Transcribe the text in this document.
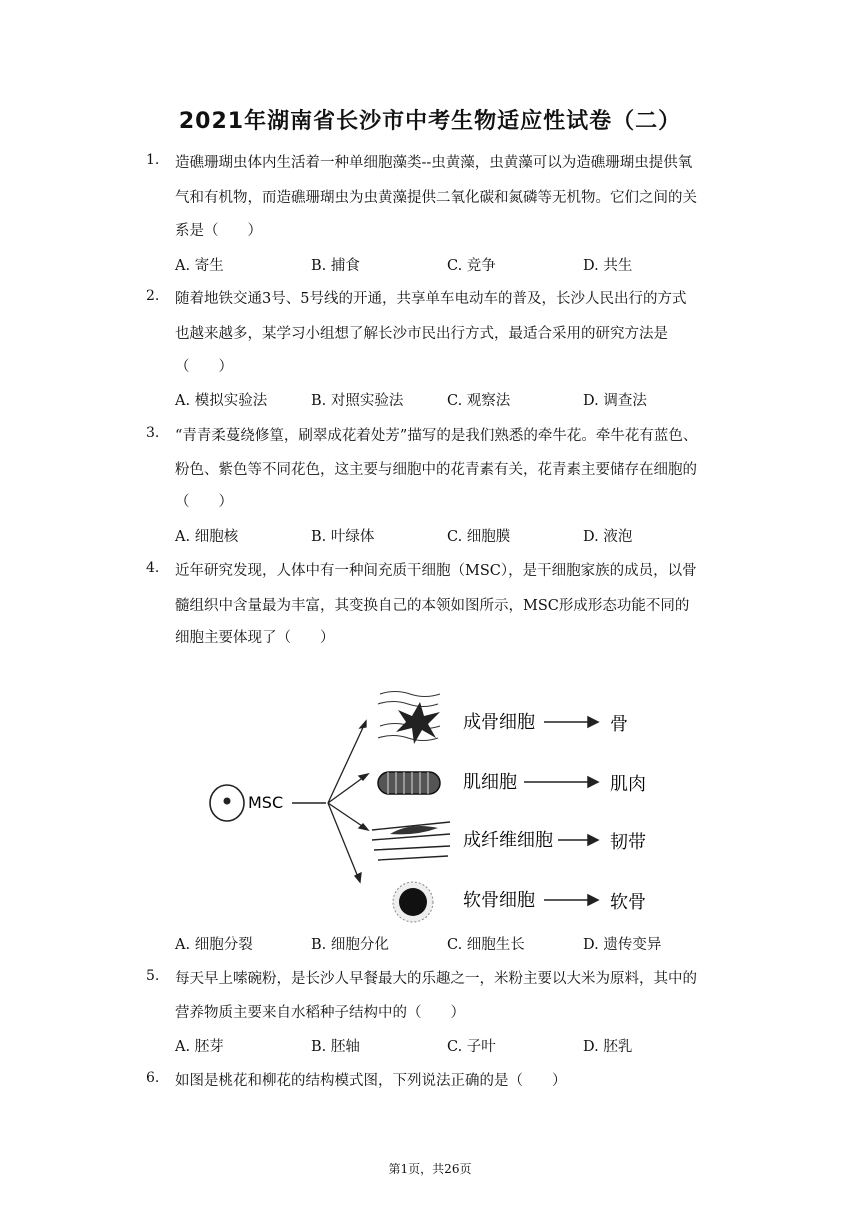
2021年湖南省长沙市中考生物适应性试卷（二）
1. 造礁珊瑚虫体内生活着一种单细胞藻类--虫黄藻，虫黄藻可以为造礁珊瑚虫提供氧
气和有机物，而造礁珊瑚虫为虫黄藻提供二氧化碳和氮磷等无机物。它们之间的关
系是（　　）
A. 寄生	B. 捕食	C. 竞争	D. 共生
2. 随着地铁交通3号、5号线的开通，共享单车电动车的普及，长沙人民出行的方式
也越来越多，某学习小组想了解长沙市民出行方式，最适合采用的研究方法是
（　　）
A. 模拟实验法	B. 对照实验法	C. 观察法	D. 调查法
3. “青青柔蔓绕修篁，刷翠成花着处芳”描写的是我们熟悉的牵牛花。牵牛花有蓝色、
粉色、紫色等不同花色，这主要与细胞中的花青素有关，花青素主要储存在细胞的
（　　）
A. 细胞核	B. 叶绿体	C. 细胞膜	D. 液泡
4. 近年研究发现，人体中有一种间充质干细胞（MSC），是干细胞家族的成员，以骨
髓组织中含量最为丰富，其变换自己的本领如图所示，MSC形成形态功能不同的
细胞主要体现了（　　）
MSC
成骨细胞
肌细胞
成纤维细胞
软骨细胞
骨
肌肉
韧带
软骨
A. 细胞分裂	B. 细胞分化	C. 细胞生长	D. 遗传变异
5. 每天早上嗦碗粉，是长沙人早餐最大的乐趣之一，米粉主要以大米为原料，其中的
营养物质主要来自水稻种子结构中的（　　）
A. 胚芽	B. 胚轴	C. 子叶	D. 胚乳
6. 如图是桃花和柳花的结构模式图，下列说法正确的是（　　）
第1页，共26页
